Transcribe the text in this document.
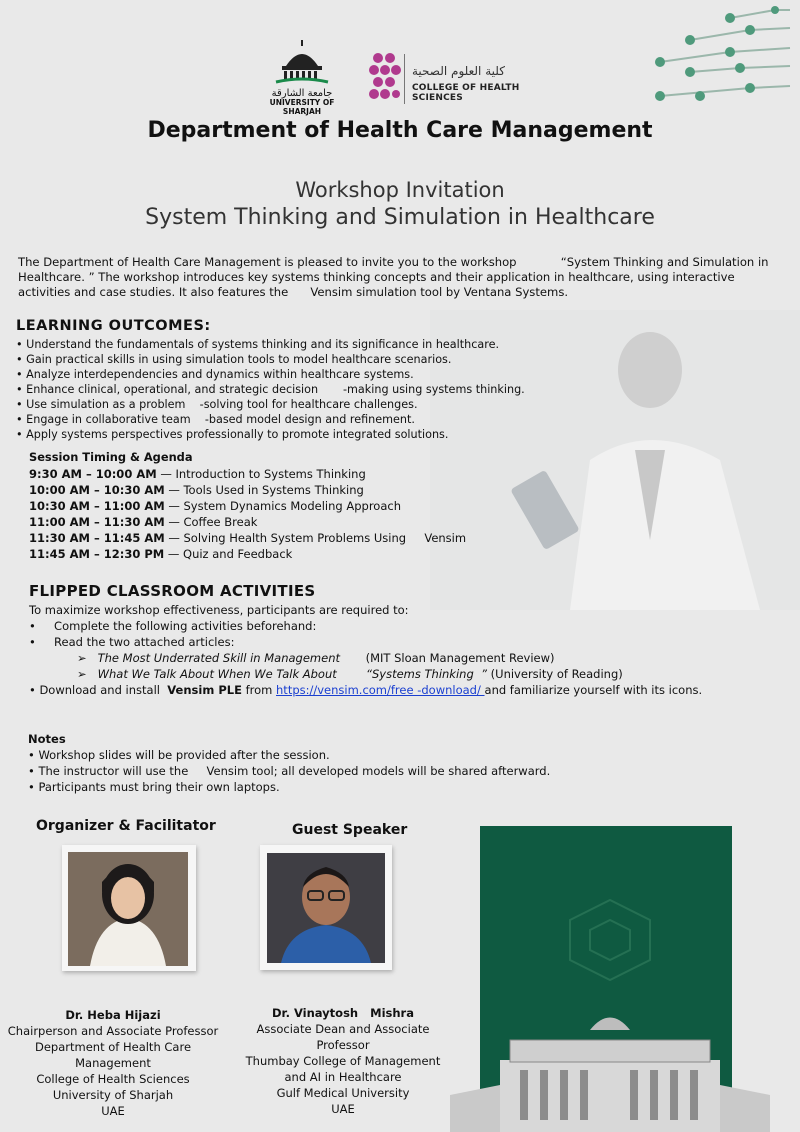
جامعة الشارقة
UNIVERSITY OF SHARJAH
كلية العلوم الصحية
COLLEGE OF HEALTH SCIENCES
Department of Health Care Management
Workshop Invitation
System Thinking and Simulation in Healthcare
The Department of Health Care Management is pleased to invite you to the workshop            “System Thinking and Simulation in Healthcare. ” The workshop introduces key systems thinking concepts and their application in healthcare, using interactive activities and case studies. It also features the      Vensim simulation tool by Ventana Systems.
LEARNING OUTCOMES:
• Understand the fundamentals of systems thinking and its significance in healthcare.
• Gain practical skills in using simulation tools to model healthcare scenarios.
• Analyze interdependencies and dynamics within healthcare systems.
• Enhance clinical, operational, and strategic decision       -making using systems thinking.
• Use simulation as a problem    -solving tool for healthcare challenges.
• Engage in collaborative team    -based model design and refinement.
• Apply systems perspectives professionally to promote integrated solutions.
Session Timing & Agenda
9:30 AM – 10:00 AM — Introduction to Systems Thinking
10:00 AM – 10:30 AM — Tools Used in Systems Thinking
10:30 AM – 11:00 AM — System Dynamics Modeling Approach
11:00 AM – 11:30 AM — Coffee Break
11:30 AM – 11:45 AM — Solving Health System Problems Using     Vensim
11:45 AM – 12:30 PM — Quiz and Feedback
FLIPPED CLASSROOM ACTIVITIES
To maximize workshop effectiveness, participants are required to:
•     Complete the following activities beforehand:
•     Read the two attached articles:
➢   The Most Underrated Skill in Management (MIT Sloan Management Review)
➢   What We Talk About When We Talk About        “Systems Thinking  ” (University of Reading)
• Download and install  Vensim PLE from https://vensim.com/free -download/ and familiarize yourself with its icons.
Notes
• Workshop slides will be provided after the session.
• The instructor will use the     Vensim tool; all developed models will be shared afterward.
• Participants must bring their own laptops.
Organizer & Facilitator	Guest Speaker
Dr. Heba Hijazi
Chairperson and Associate Professor
Department of Health Care
Management
College of Health Sciences
University of Sharjah
UAE
Dr. Vinaytosh   Mishra
Associate Dean and Associate
Professor
Thumbay College of Management
and AI in Healthcare
Gulf Medical University
UAE
